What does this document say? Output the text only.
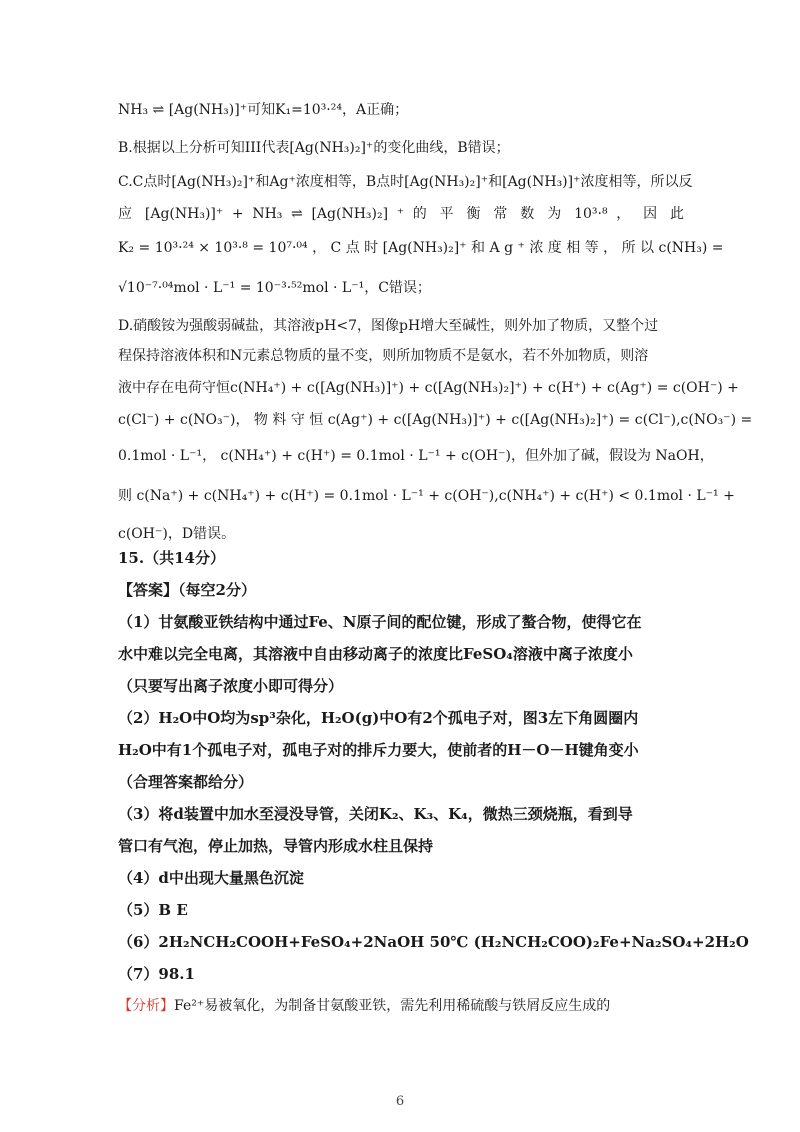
NH₃ ⇌ [Ag(NH₃)]⁺可知K₁=10³·²⁴，A正确；
B.根据以上分析可知III代表[Ag(NH₃)₂]⁺的变化曲线，B错误；
C.C点时[Ag(NH₃)₂]⁺和Ag⁺浓度相等，B点时[Ag(NH₃)₂]⁺和[Ag(NH₃)]⁺浓度相等，所以反
应 [Ag(NH₃)]⁺ + NH₃ ⇌ [Ag(NH₃)₂] ⁺ 的 平 衡 常 数 为 10³·⁸ ， 因 此
K₂ = 10³·²⁴ × 10³·⁸ = 10⁷·⁰⁴ ， C 点 时 [Ag(NH₃)₂]⁺ 和 A g ⁺ 浓 度 相 等 ， 所 以 c(NH₃) =
√10⁻⁷·⁰⁴mol · L⁻¹ = 10⁻³·⁵²mol · L⁻¹，C错误；
D.硝酸铵为强酸弱碱盐，其溶液pH<7，图像pH增大至碱性，则外加了物质，又整个过
程保持溶液体积和N元素总物质的量不变，则所加物质不是氨水，若不外加物质，则溶
液中存在电荷守恒c(NH₄⁺) + c([Ag(NH₃)]⁺) + c([Ag(NH₃)₂]⁺) + c(H⁺) + c(Ag⁺) = c(OH⁻) +
c(Cl⁻) + c(NO₃⁻)， 物 料 守 恒 c(Ag⁺) + c([Ag(NH₃)]⁺) + c([Ag(NH₃)₂]⁺) = c(Cl⁻),c(NO₃⁻) =
0.1mol · L⁻¹， c(NH₄⁺) + c(H⁺) = 0.1mol · L⁻¹ + c(OH⁻)，但外加了碱，假设为 NaOH，
则 c(Na⁺) + c(NH₄⁺) + c(H⁺) = 0.1mol · L⁻¹ + c(OH⁻),c(NH₄⁺) + c(H⁺) < 0.1mol · L⁻¹ +
c(OH⁻)，D错误。
15.（共14分）
【答案】（每空2分）
（1）甘氨酸亚铁结构中通过Fe、N原子间的配位键，形成了螯合物，使得它在
水中难以完全电离，其溶液中自由移动离子的浓度比FeSO₄溶液中离子浓度小
（只要写出离子浓度小即可得分）
（2）H₂O中O均为sp³杂化，H₂O(g)中O有2个孤电子对，图3左下角圆圈内
H₂O中有1个孤电子对，孤电子对的排斥力要大，使前者的H－O－H键角变小
（合理答案都给分）
（3）将d装置中加水至浸没导管，关闭K₂、K₃、K₄，微热三颈烧瓶，看到导
管口有气泡，停止加热，导管内形成水柱且保持
（4）d中出现大量黑色沉淀
（5）B E
（6）2H₂NCH₂COOH+FeSO₄+2NaOH 50℃ (H₂NCH₂COO)₂Fe+Na₂SO₄+2H₂O
（7）98.1
【分析】Fe²⁺易被氧化，为制备甘氨酸亚铁，需先利用稀硫酸与铁屑反应生成的
6
